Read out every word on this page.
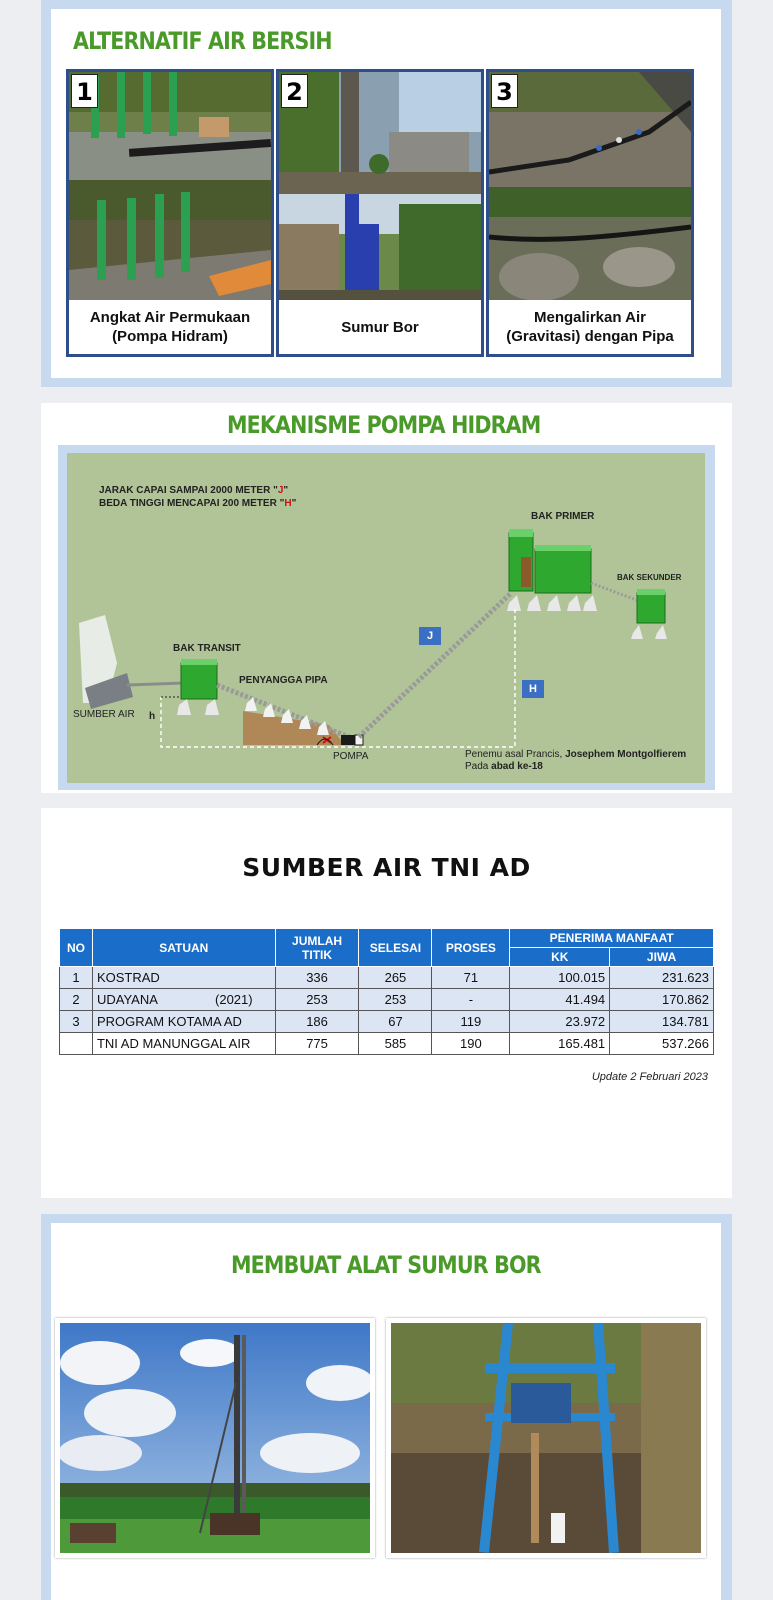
ALTERNATIF AIR BERSIH
1
Angkat Air Permukaan
(Pompa Hidram)
2
Sumur Bor
3
Mengalirkan Air
(Gravitasi) dengan Pipa
MEKANISME POMPA HIDRAM
JARAK CAPAI SAMPAI 2000 METER "J"
BEDA TINGGI MENCAPAI 200 METER "H"
BAK PRIMER
BAK SEKUNDER
BAK TRANSIT
PENYANGGA PIPA
SUMBER AIR h
POMPA
J
H
Penemu asal Prancis, Josephem Montgolfierem
Pada abad ke-18
SUMBER AIR TNI AD
NO	SATUAN	JUMLAH TITIK	SELESAI	PROSES	PENERIMA MANFAAT	
					KK	JIWA
1	KOSTRAD	336	265	71	100.015	231.623
2	UDAYANA (2021)	253	253	-	41.494	170.862
3	PROGRAM KOTAMA AD	186	67	119	23.972	134.781
	TNI AD MANUNGGAL AIR	775	585	190	165.481	537.266
Update 2 Februari 2023
MEMBUAT ALAT SUMUR BOR
